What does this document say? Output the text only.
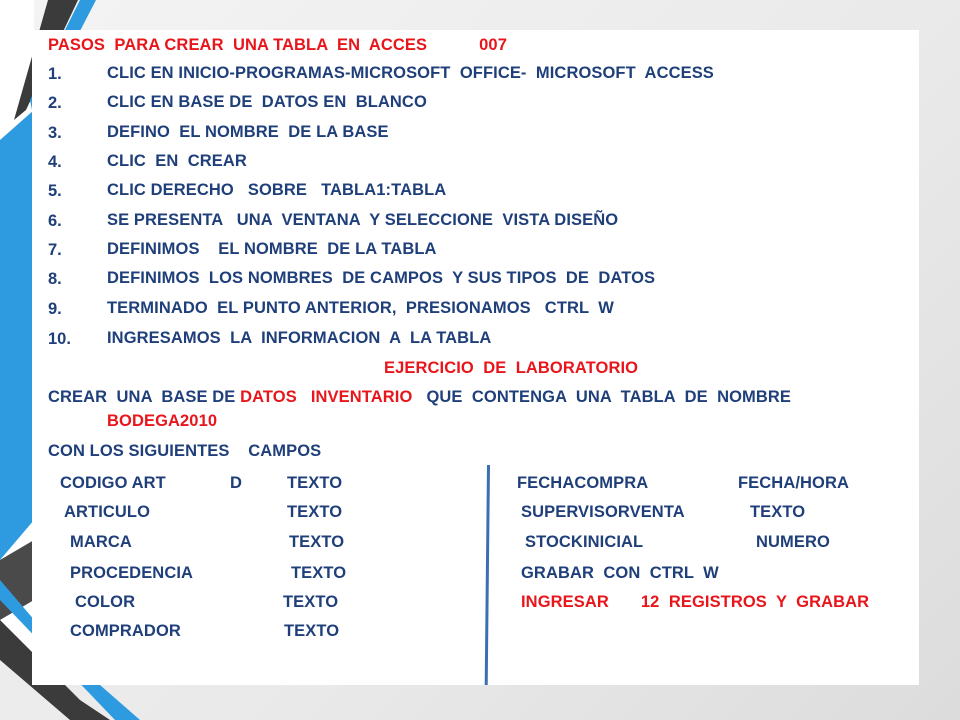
PASOS  PARA CREAR  UNA TABLA  EN  ACCES	007
1.	CLIC EN INICIO-PROGRAMAS-MICROSOFT  OFFICE-  MICROSOFT  ACCESS
2.	CLIC EN BASE DE  DATOS EN  BLANCO
3.	DEFINO  EL NOMBRE  DE LA BASE
4.	CLIC  EN  CREAR
5.	CLIC DERECHO   SOBRE   TABLA1:TABLA
6.	SE PRESENTA   UNA  VENTANA  Y SELECCIONE  VISTA DISEÑO
7.	DEFINIMOS    EL NOMBRE  DE LA TABLA
8.	DEFINIMOS  LOS NOMBRES  DE CAMPOS  Y SUS TIPOS  DE  DATOS
9.	TERMINADO  EL PUNTO ANTERIOR,  PRESIONAMOS   CTRL  W
10. INGRESAMOS  LA  INFORMACION  A  LA TABLA
EJERCICIO  DE  LABORATORIO
CREAR  UNA  BASE DE DATOS   INVENTARIO   QUE  CONTENGA  UNA  TABLA  DE  NOMBRE
BODEGA2010
CON LOS SIGUIENTES    CAMPOS
CODIGO ART	D	TEXTO
ARTICULO	TEXTO
MARCA	TEXTO
PROCEDENCIA	TEXTO
COLOR	TEXTO
COMPRADOR	TEXTO
FECHACOMPRA	FECHA/HORA
SUPERVISORVENTA	TEXTO
STOCKINICIAL	NUMERO
GRABAR  CON  CTRL  W
INGRESAR 12  REGISTROS  Y  GRABAR
